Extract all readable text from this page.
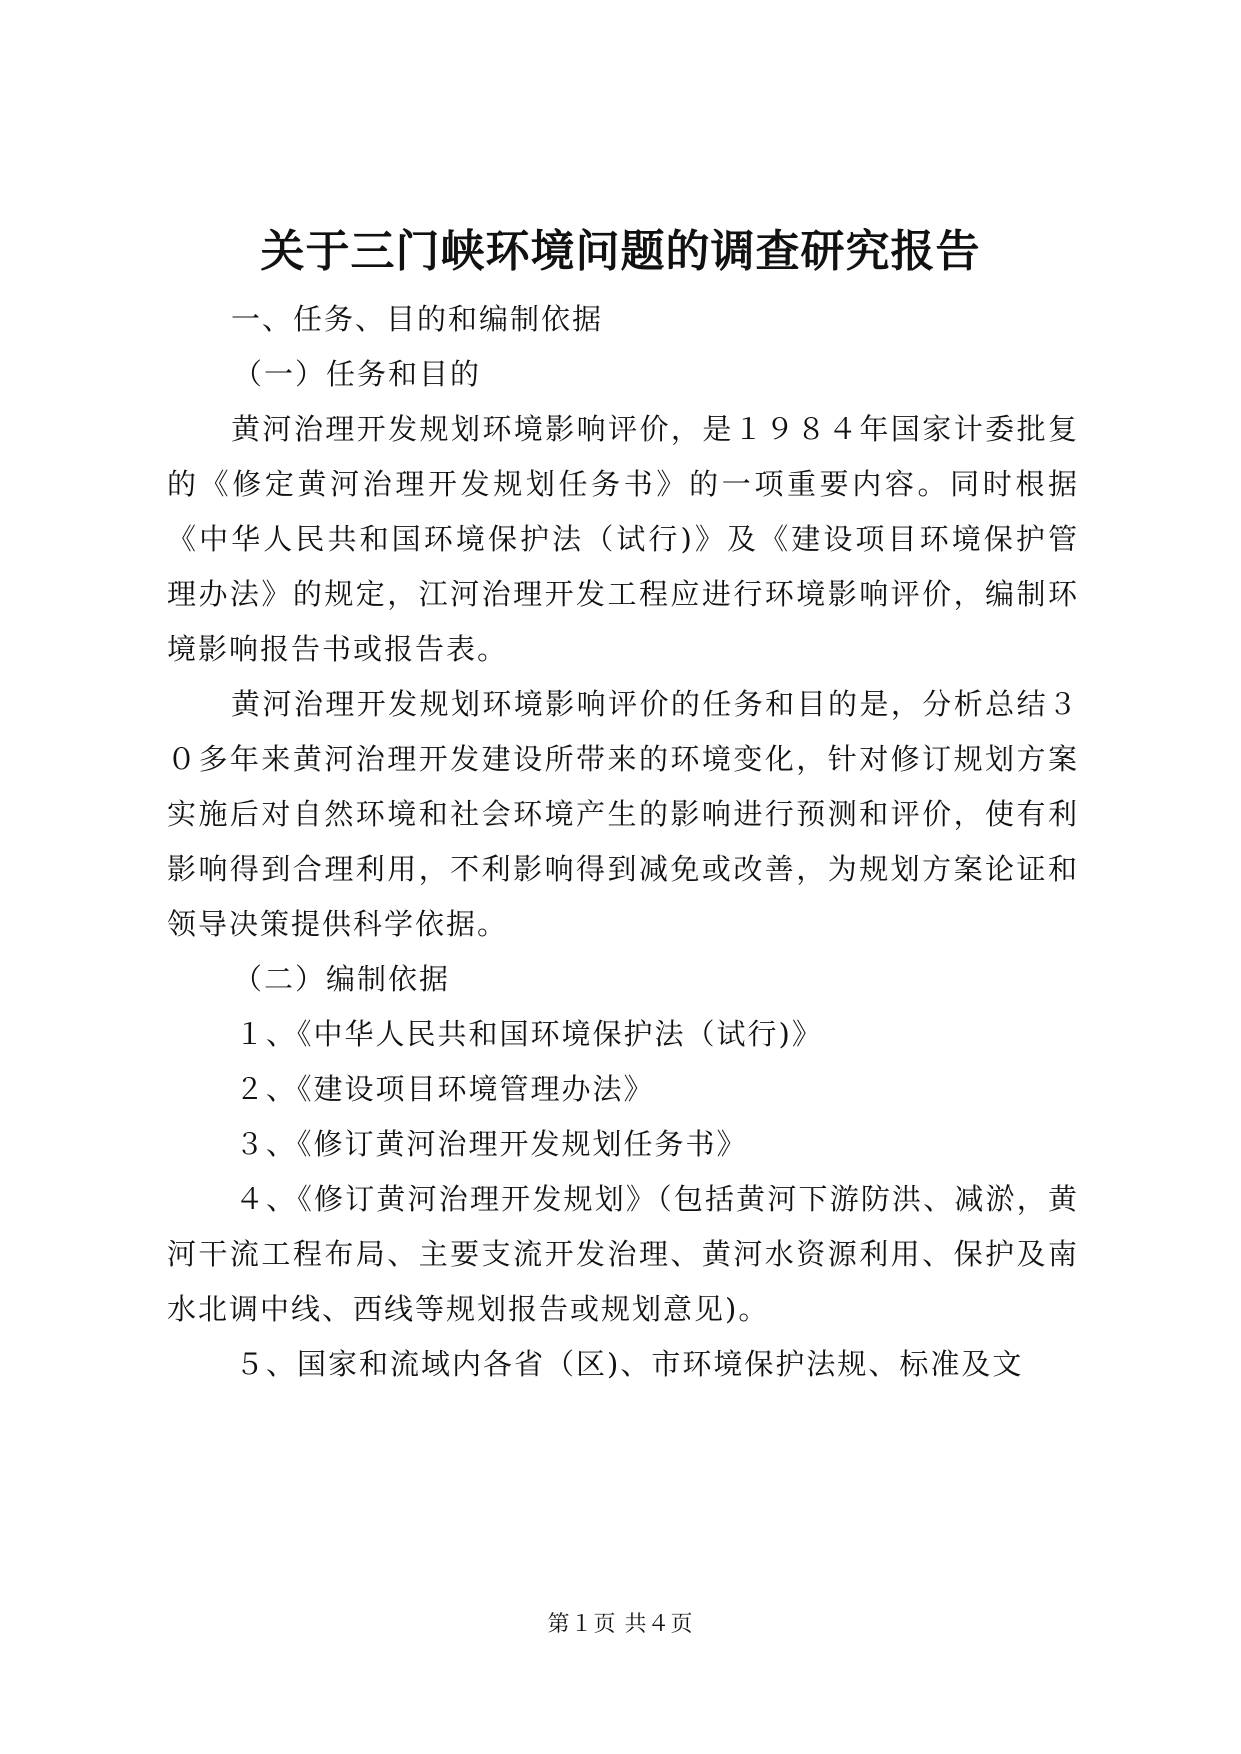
关于三门峡环境问题的调查研究报告

一、任务、目的和编制依据

（一）任务和目的

黄河治理开发规划环境影响评价，是１９８４年国家计委批复的《修定黄河治理开发规划任务书》的一项重要内容。同时根据《中华人民共和国环境保护法（试行)》及《建设项目环境保护管理办法》的规定，江河治理开发工程应进行环境影响评价，编制环境影响报告书或报告表。

黄河治理开发规划环境影响评价的任务和目的是，分析总结３０多年来黄河治理开发建设所带来的环境变化，针对修订规划方案实施后对自然环境和社会环境产生的影响进行预测和评价，使有利影响得到合理利用，不利影响得到减免或改善，为规划方案论证和领导决策提供科学依据。

（二）编制依据

１、《中华人民共和国环境保护法（试行)》

２、《建设项目环境管理办法》

３、《修订黄河治理开发规划任务书》

４、《修订黄河治理开发规划》（包括黄河下游防洪、减淤，黄河干流工程布局、主要支流开发治理、黄河水资源利用、保护及南水北调中线、西线等规划报告或规划意见)。

５、国家和流域内各省（区)、市环境保护法规、标准及文

第１页 共４页
